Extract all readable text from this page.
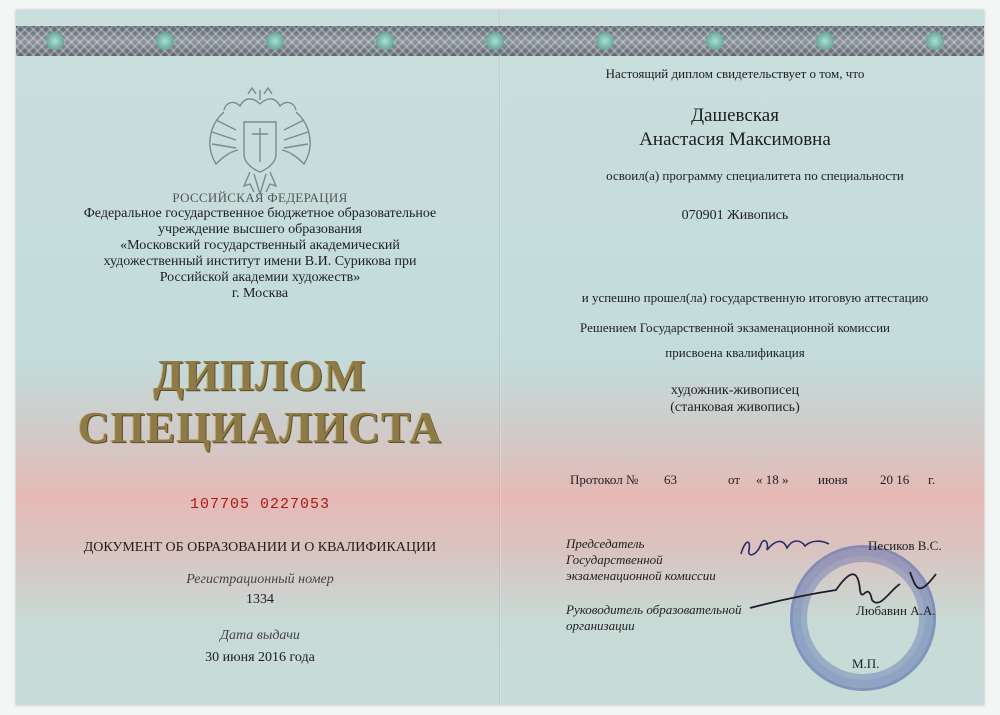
РОССИЙСКАЯ ФЕДЕРАЦИЯ
Федеральное государственное бюджетное образовательное
учреждение высшего образования
«Московский государственный академический
художественный институт имени В.И. Сурикова при
Российской академии художеств»
г. Москва
ДИПЛОМ
СПЕЦИАЛИСТА
107705 0227053
ДОКУМЕНТ ОБ ОБРАЗОВАНИИ И О КВАЛИФИКАЦИИ
Регистрационный номер
1334
Дата выдачи
30 июня 2016 года
Настоящий диплом свидетельствует о том, что
Дашевская
Анастасия Максимовна
освоил(а) программу специалитета по специальности
070901 Живопись
и успешно прошел(ла) государственную итоговую аттестацию
Решением Государственной экзаменационной комиссии
присвоена квалификация
художник-живописец
(станковая живопись)
Протокол № 63	от « 18 » июня 20 16 г.
Председатель
Государственной
экзаменационной комиссии
Песиков В.С.
Руководитель образовательной
организации
Любавин А.А.
М.П.
